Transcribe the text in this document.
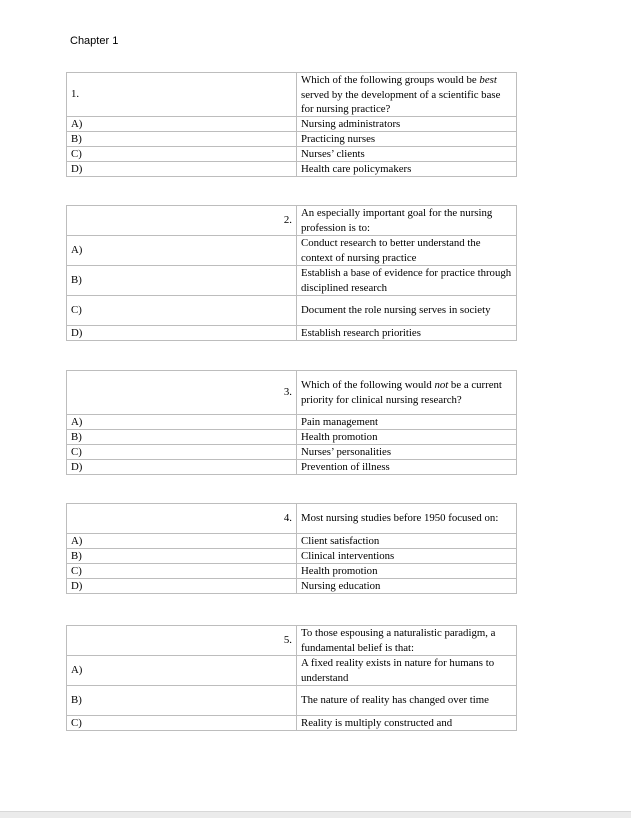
Chapter 1
1.	Which of the following groups would be best served by the development of a scientific base for nursing practice?

A)	Nursing administrators

B)	Practicing nurses

C)	Nurses’ clients

D)	Health care policymakers
2.	An especially important goal for the nursing profession is to:

A)	Conduct research to better understand the context of nursing practice

B)	Establish a base of evidence for practice through disciplined research

C)	Document the role nursing serves in society

D)	Establish research priorities
3.	Which of the following would not be a current priority for clinical nursing research?

A)	Pain management

B)	Health promotion

C)	Nurses’ personalities

D)	Prevention of illness
4.	Most nursing studies before 1950 focused on:

A)	Client satisfaction

B)	Clinical interventions

C)	Health promotion

D)	Nursing education
5.	To those espousing a naturalistic paradigm, a fundamental belief is that:

A)	A fixed reality exists in nature for humans to understand

B)	The nature of reality has changed over time

C)	Reality is multiply constructed and
